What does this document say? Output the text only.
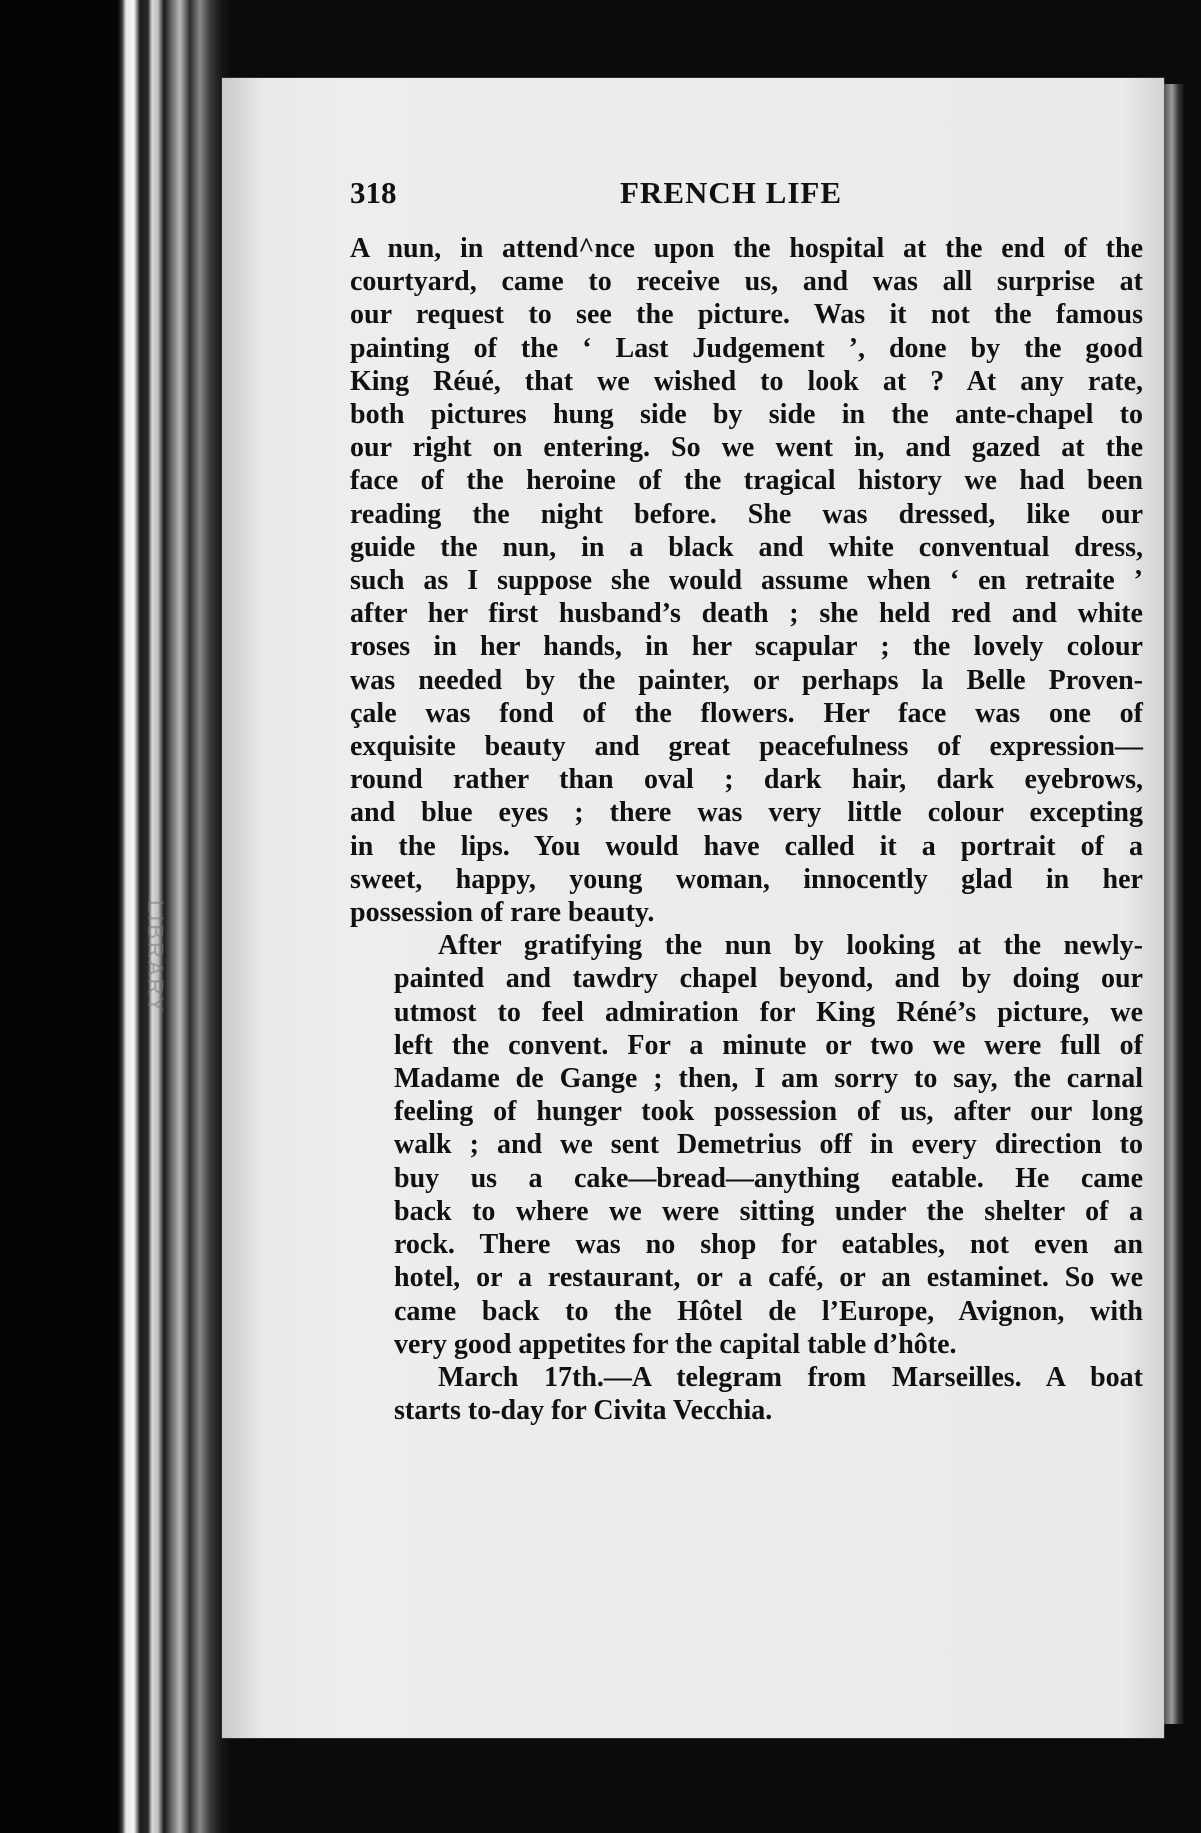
LIBRARY
318	FRENCH LIFE
A nun, in attend^nce upon the hospital at the end of the
courtyard, came to receive us, and was all surprise at
our request to see the picture. Was it not the famous
painting of the ‘ Last Judgement ’, done by the good
King Réué, that we wished to look at ? At any rate,
both pictures hung side by side in the ante-chapel to
our right on entering. So we went in, and gazed at the
face of the heroine of the tragical history we had been
reading the night before. She was dressed, like our
guide the nun, in a black and white conventual dress,
such as I suppose she would assume when ‘ en retraite ’
after her first husband’s death ; she held red and white
roses in her hands, in her scapular ; the lovely colour
was needed by the painter, or perhaps la Belle Proven-
çale was fond of the flowers. Her face was one of
exquisite beauty and great peacefulness of expression—
round rather than oval ; dark hair, dark eyebrows,
and blue eyes ; there was very little colour excepting
in the lips. You would have called it a portrait of a
sweet, happy, young woman, innocently glad in her
possession of rare beauty.
After gratifying the nun by looking at the newly-
painted and tawdry chapel beyond, and by doing our
utmost to feel admiration for King Réné’s picture, we
left the convent. For a minute or two we were full of
Madame de Gange ; then, I am sorry to say, the carnal
feeling of hunger took possession of us, after our long
walk ; and we sent Demetrius off in every direction to
buy us a cake—bread—anything eatable. He came
back to where we were sitting under the shelter of a
rock. There was no shop for eatables, not even an
hotel, or a restaurant, or a café, or an estaminet. So we
came back to the Hôtel de l’Europe, Avignon, with
very good appetites for the capital table d’hôte.
March 17th.—A telegram from Marseilles. A boat
starts to-day for Civita Vecchia.
